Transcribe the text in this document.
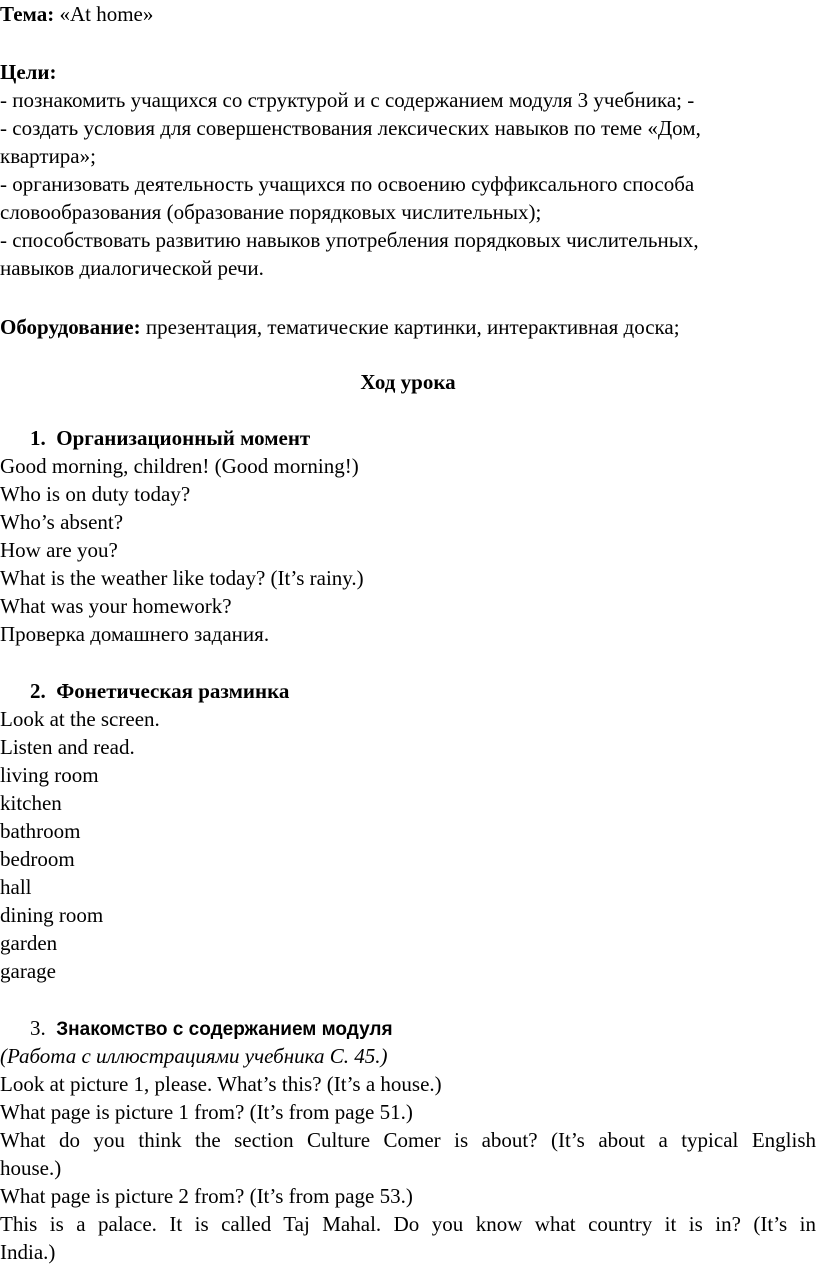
Тема: «At home»
Цели:
- познакомить учащихся со структурой и с содержанием модуля 3 учебника; -
- создать условия для совершенствования лексических навыков по теме «Дом,
квартира»;
- организовать деятельность учащихся по освоению суффиксального способа
словообразования (образование порядковых числительных);
- способствовать развитию навыков употребления порядковых числительных,
навыков диалогической речи.
Оборудование: презентация, тематические картинки, интерактивная доска;
Ход урока
1. Организационный момент
Good morning, children! (Good morning!)
Who is on duty today?
Who’s absent?
How are you?
What is the weather like today? (It’s rainy.)
What was your homework?
Проверка домашнего задания.
2. Фонетическая разминка
Look at the screen.
Listen and read.
living room
kitchen
bathroom
bedroom
hall
dining room
garden
garage
3. Знакомство с содержанием модуля
(Работа с иллюстрациями учебника С. 45.)
Look at picture 1, please. What’s this? (It’s a house.)
What page is picture 1 from? (It’s from page 51.)
What do you think the section Culture Comer is about? (It’s about a typical English
house.)
What page is picture 2 from? (It’s from page 53.)
This is a palace. It is called Taj Mahal. Do you know what country it is in? (It’s in
India.)
